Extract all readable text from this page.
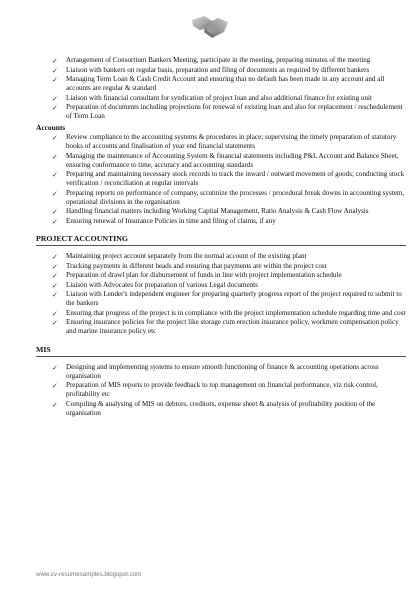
✓ Arrangement of Consortium Bankers Meeting, participate in the meeting, preparing minutes of the meeting
✓ Liaison with bankers on regular basis, preparation and filing of documents as required by different bankers
✓ Managing Term Loan & Cash Credit Account and ensuring that no default has been made in any account and all accounts are regular & standard
✓ Liaison with financial consultant for syndication of project loan and also additional finance for existing unit
✓ Preparation of documents including projections for renewal of existing loan and also for replacement / reschedulement of Term Loan
Accounts
✓ Review compliance to the accounting systems & procedures in place; supervising the timely preparation of statutory books of accounts and finalisation of year end financial statements
✓ Managing the maintenance of Accounting System & financial statements including P&L Account and Balance Sheet, ensuring conformance to time, accuracy and accounting standards
✓ Preparing and maintaining necessary stock records to track the inward / outward movement of goods; conducting stock verification / reconciliation at regular intervals
✓ Preparing reports on performance of company, scrutinize the processes / procedural break downs in accounting system, operational divisions in the organisation
✓ Handling financial matters including Working Capital Management, Ratio Analysis & Cash Flow Analysis
✓ Ensuring renewal of Insurance Policies in time and filing of claims, if any
PROJECT ACCOUNTING
✓ Maintaining project account separately from the normal account of the existing plant
✓ Tracking payments in different heads and ensuring that payments are within the project cost
✓ Preparation of drawl plan for disbursement of funds in line with project implementation schedule
✓ Liaison with Advocates for preparation of various Legal documents
✓ Liaison with Lender's independent engineer for preparing quarterly progress report of the project required to submit to the bankers
✓ Ensuring that progress of the project is in compliance with the project implementation schedule regarding time and cost
✓ Ensuring insurance policies for the project like storage cum erection insurance policy, workmen compensation policy and marine insurance policy etc
MIS
✓ Designing and implementing systems to ensure smooth functioning of finance & accounting operations across organisation
✓ Preparation of MIS reports to provide feedback to top management on financial performance, viz risk control, profitability etc
✓ Compiling & analysing of MIS on debtors, creditors, expense sheet & analysis of profitability position of the organisation
www.cv-resumesamples.blogspot.com
